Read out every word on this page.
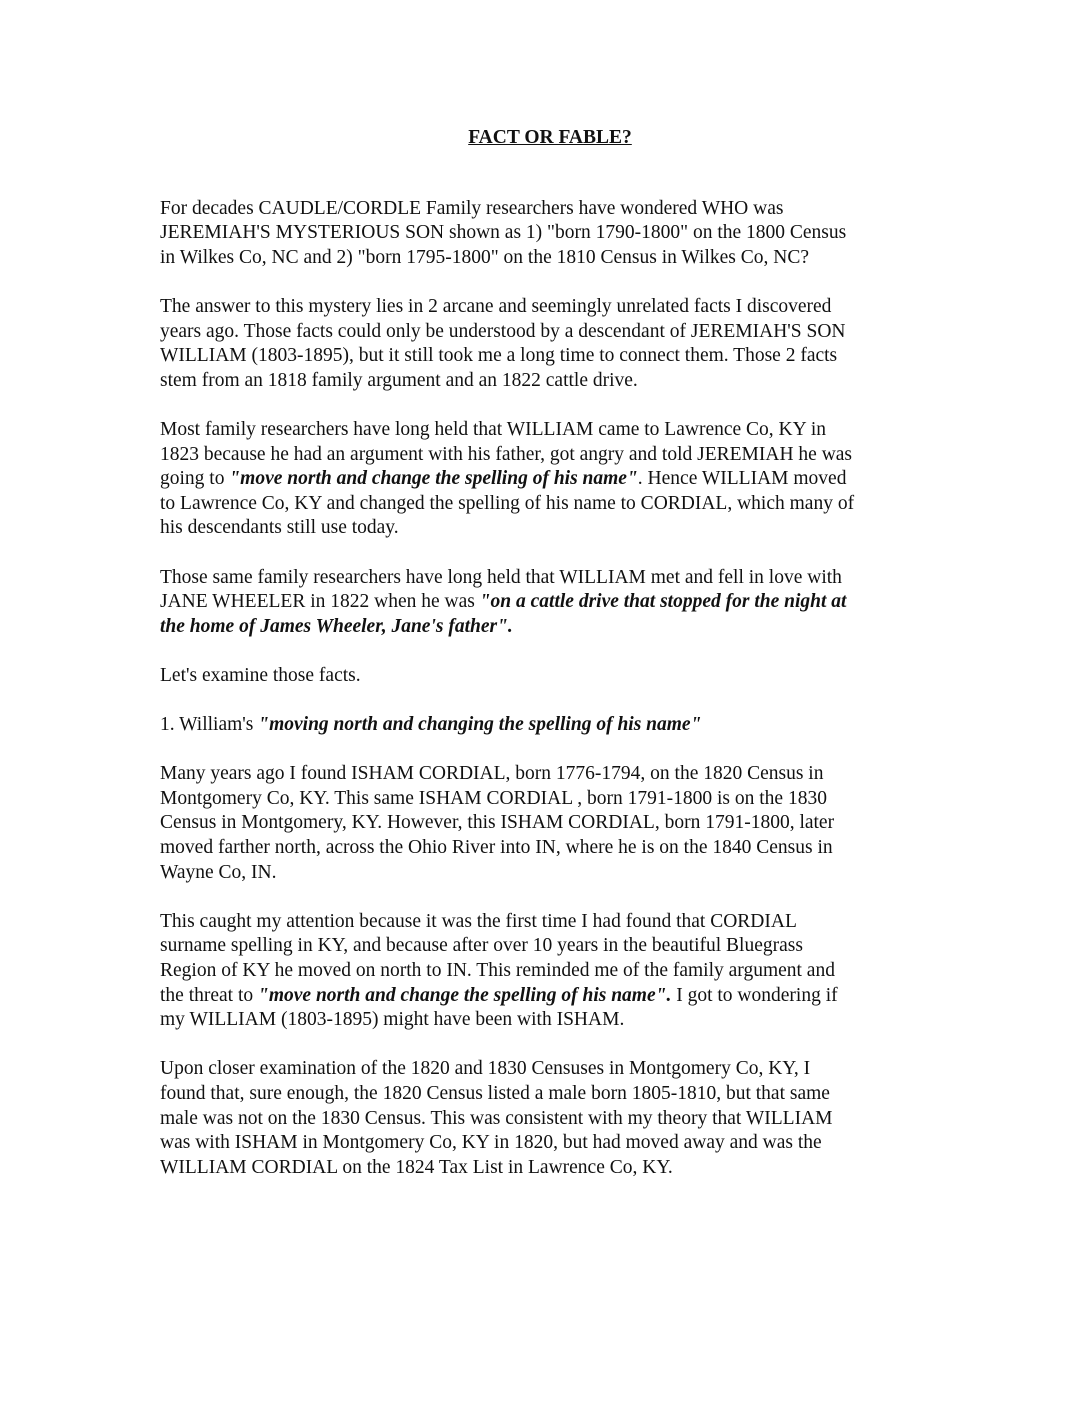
FACT OR FABLE?

For decades CAUDLE/CORDLE Family researchers have wondered WHO was
JEREMIAH'S MYSTERIOUS SON shown as 1) "born 1790-1800" on the 1800 Census
in Wilkes Co, NC and 2) "born 1795-1800" on the 1810 Census in Wilkes Co, NC?

The answer to this mystery lies in 2 arcane and seemingly unrelated facts I discovered
years ago. Those facts could only be understood by a descendant of JEREMIAH'S SON
WILLIAM (1803-1895), but it still took me a long time to connect them. Those 2 facts
stem from an 1818 family argument and an 1822 cattle drive.

Most family researchers have long held that WILLIAM came to Lawrence Co, KY in
1823 because he had an argument with his father, got angry and told JEREMIAH he was
going to "move north and change the spelling of his name". Hence WILLIAM moved
to Lawrence Co, KY and changed the spelling of his name to CORDIAL, which many of
his descendants still use today.

Those same family researchers have long held that WILLIAM met and fell in love with
JANE WHEELER in 1822 when he was "on a cattle drive that stopped for the night at
the home of James Wheeler, Jane's father".

Let's examine those facts.

1. William's "moving north and changing the spelling of his name"

Many years ago I found ISHAM CORDIAL, born 1776-1794, on the 1820 Census in
Montgomery Co, KY. This same ISHAM CORDIAL , born 1791-1800 is on the 1830
Census in Montgomery, KY. However, this ISHAM CORDIAL, born 1791-1800, later
moved farther north, across the Ohio River into IN, where he is on the 1840 Census in
Wayne Co, IN.

This caught my attention because it was the first time I had found that CORDIAL
surname spelling in KY, and because after over 10 years in the beautiful Bluegrass
Region of KY he moved on north to IN. This reminded me of the family argument and
the threat to "move north and change the spelling of his name". I got to wondering if
my WILLIAM (1803-1895) might have been with ISHAM.

Upon closer examination of the 1820 and 1830 Censuses in Montgomery Co, KY, I
found that, sure enough, the 1820 Census listed a male born 1805-1810, but that same
male was not on the 1830 Census. This was consistent with my theory that WILLIAM
was with ISHAM in Montgomery Co, KY in 1820, but had moved away and was the
WILLIAM CORDIAL on the 1824 Tax List in Lawrence Co, KY.
